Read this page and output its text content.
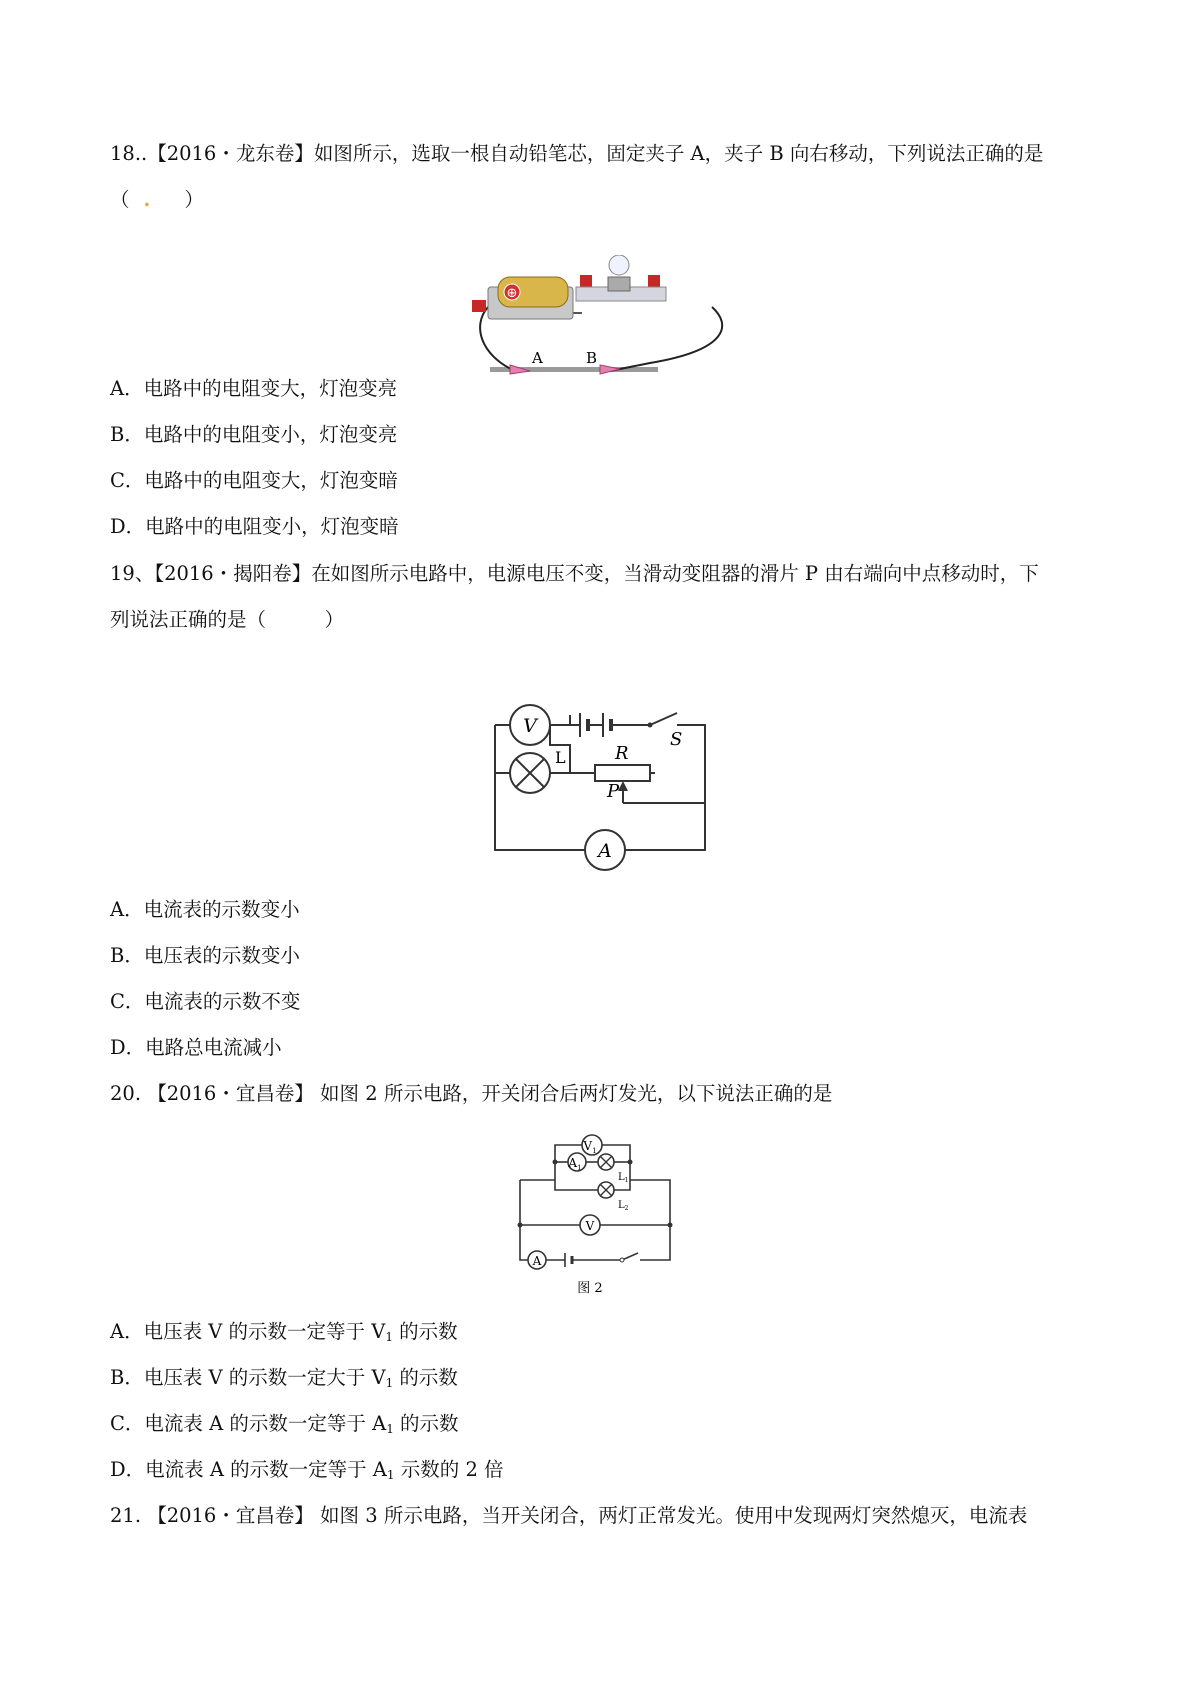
18..【2016・龙东卷】如图所示，选取一根自动铅笔芯，固定夹子 A，夹子 B 向右移动，下列说法正确的是
（ . ）
⊕
A	B
A．电路中的电阻变大，灯泡变亮
B．电路中的电阻变小，灯泡变亮
C．电路中的电阻变大，灯泡变暗
D．电路中的电阻变小，灯泡变暗
19、【2016・揭阳卷】在如图所示电路中，电源电压不变，当滑动变阻器的滑片 P 由右端向中点移动时，下
列说法正确的是（　　　）
V
L
A
R
P
S
A．电流表的示数变小
B．电压表的示数变小
C．电流表的示数不变
D．电路总电流减小
20. 【2016・宜昌卷】 如图 2 所示电路，开关闭合后两灯发光，以下说法正确的是
$V_1$
$A_1$
$L_1$
$L_2$
V
A
图 2
A．电压表 V 的示数一定等于 $V_1$ 的示数
B．电压表 V 的示数一定大于 $V_1$ 的示数
C．电流表 A 的示数一定等于 $A_1$ 的示数
D．电流表 A 的示数一定等于 $A_1$ 示数的 2 倍
21. 【2016・宜昌卷】 如图 3 所示电路，当开关闭合，两灯正常发光。使用中发现两灯突然熄灭，电流表
